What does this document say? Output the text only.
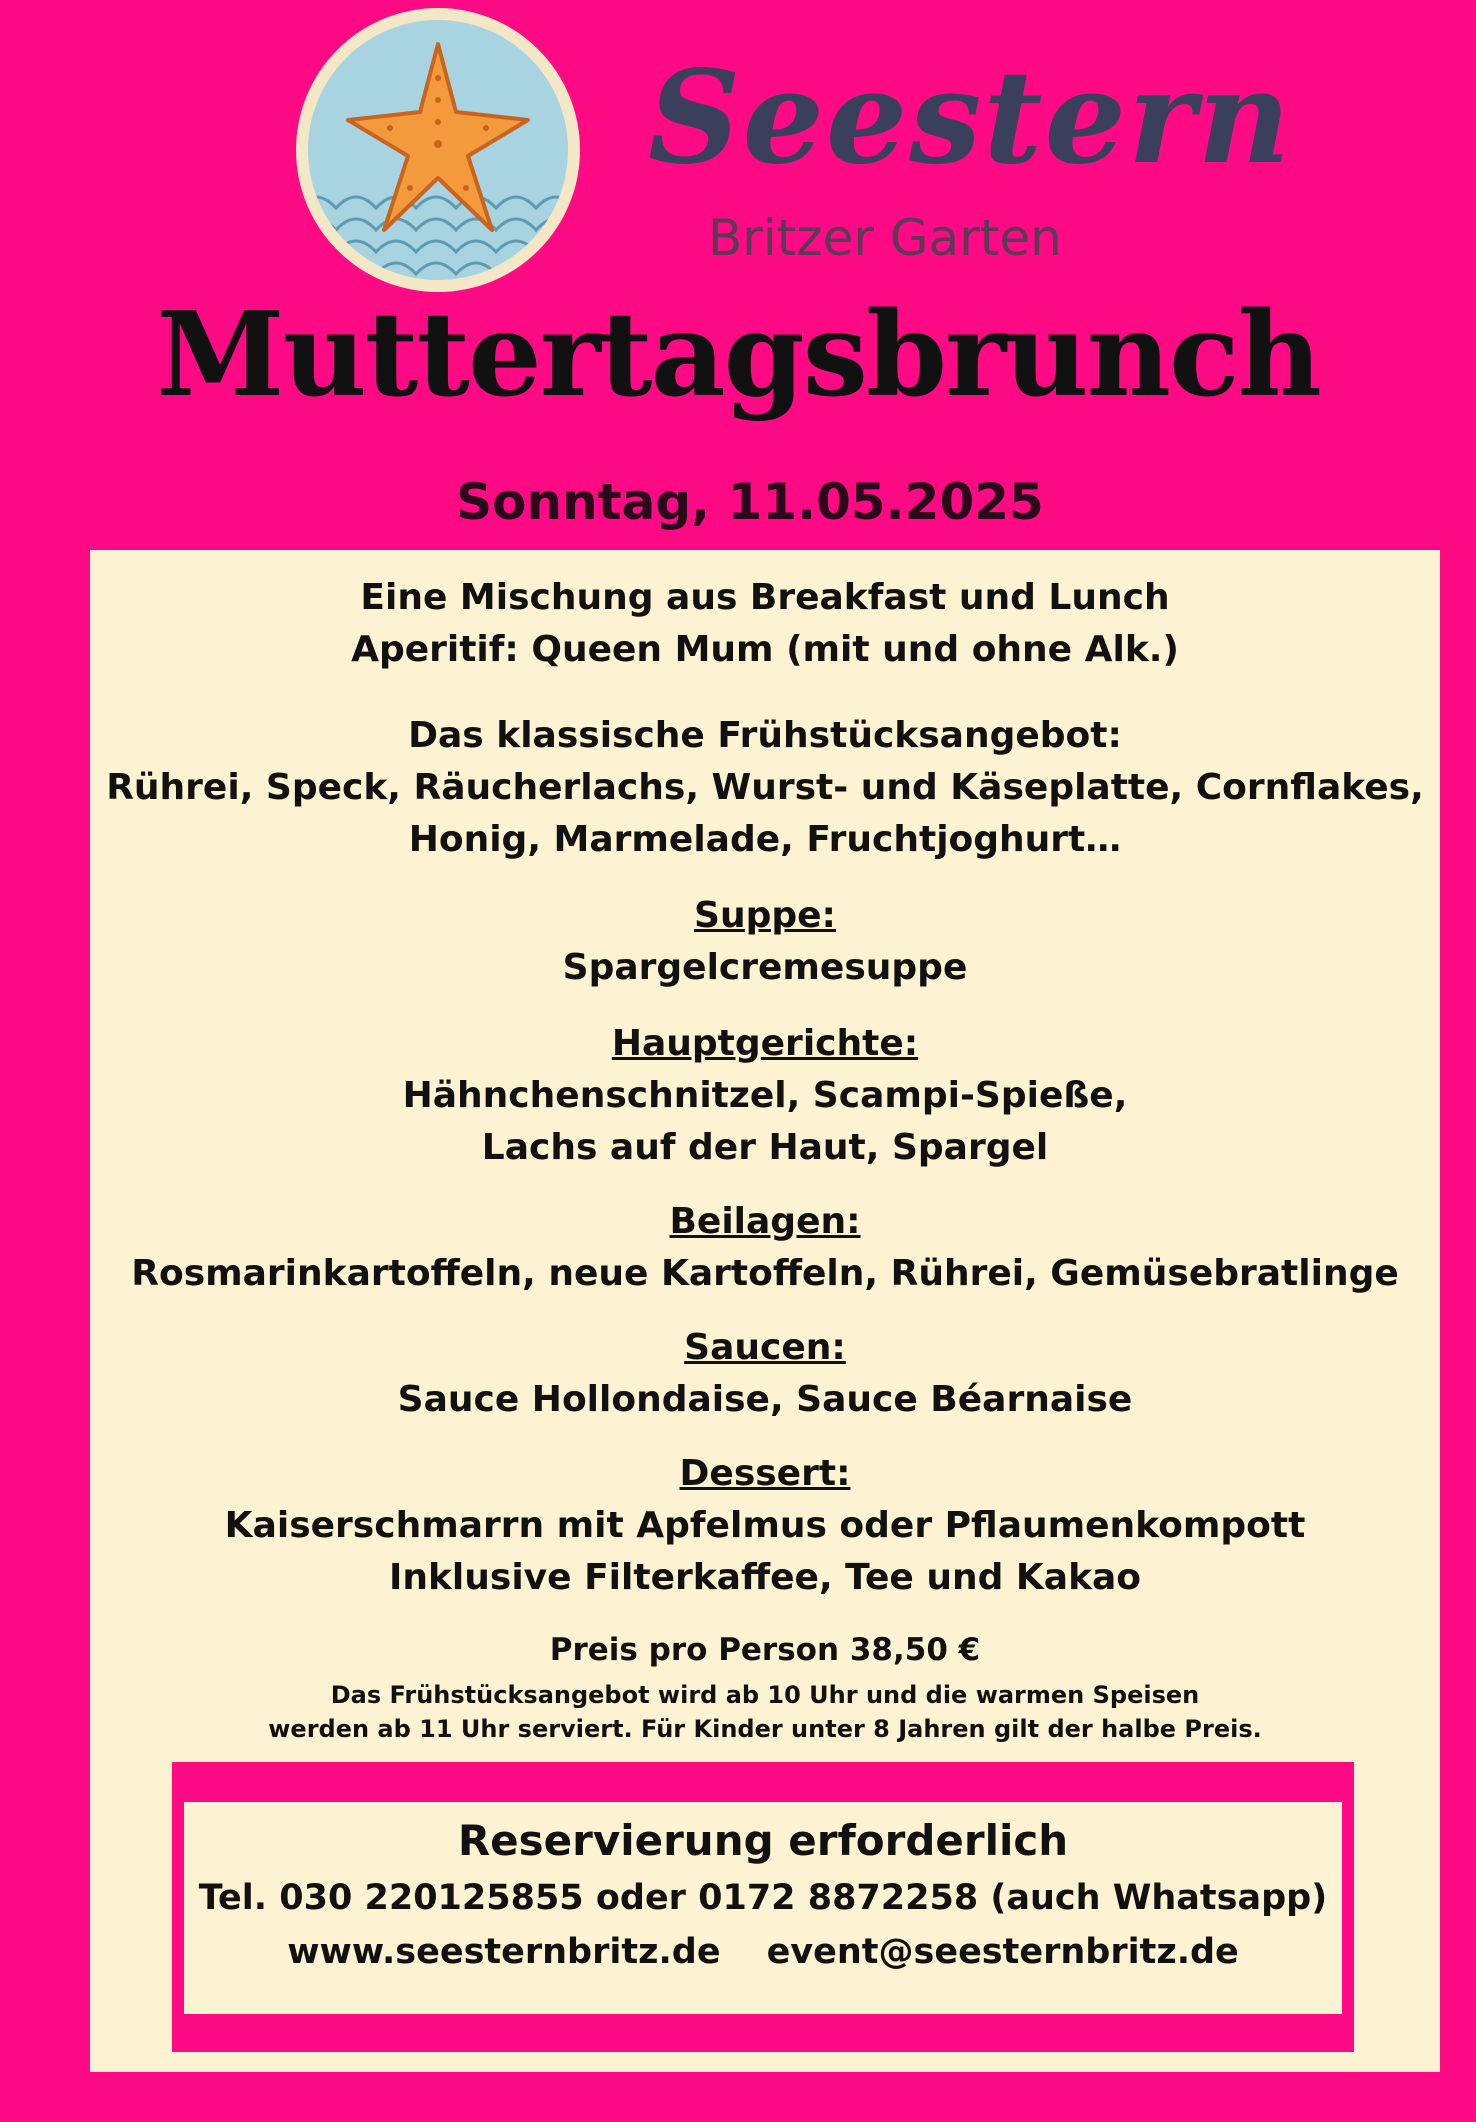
Seestern
Britzer Garten
Muttertagsbrunch
Sonntag, 11.05.2025
Eine Mischung aus Breakfast und Lunch
Aperitif: Queen Mum (mit und ohne Alk.)
Das klassische Frühstücksangebot:
Rührei, Speck, Räucherlachs, Wurst- und Käseplatte, Cornflakes,
Honig, Marmelade, Fruchtjoghurt…
Suppe:
Spargelcremesuppe
Hauptgerichte:
Hähnchenschnitzel, Scampi-Spieße,
Lachs auf der Haut, Spargel
Beilagen:
Rosmarinkartoffeln, neue Kartoffeln, Rührei, Gemüsebratlinge
Saucen:
Sauce Hollondaise, Sauce Béarnaise
Dessert:
Kaiserschmarrn mit Apfelmus oder Pflaumenkompott
Inklusive Filterkaffee, Tee und Kakao
Preis pro Person 38,50 €
Das Frühstücksangebot wird ab 10 Uhr und die warmen Speisen
werden ab 11 Uhr serviert. Für Kinder unter 8 Jahren gilt der halbe Preis.
Reservierung erforderlich
Tel. 030 220125855 oder 0172 8872258 (auch Whatsapp)
www.seesternbritz.de event@seesternbritz.de
